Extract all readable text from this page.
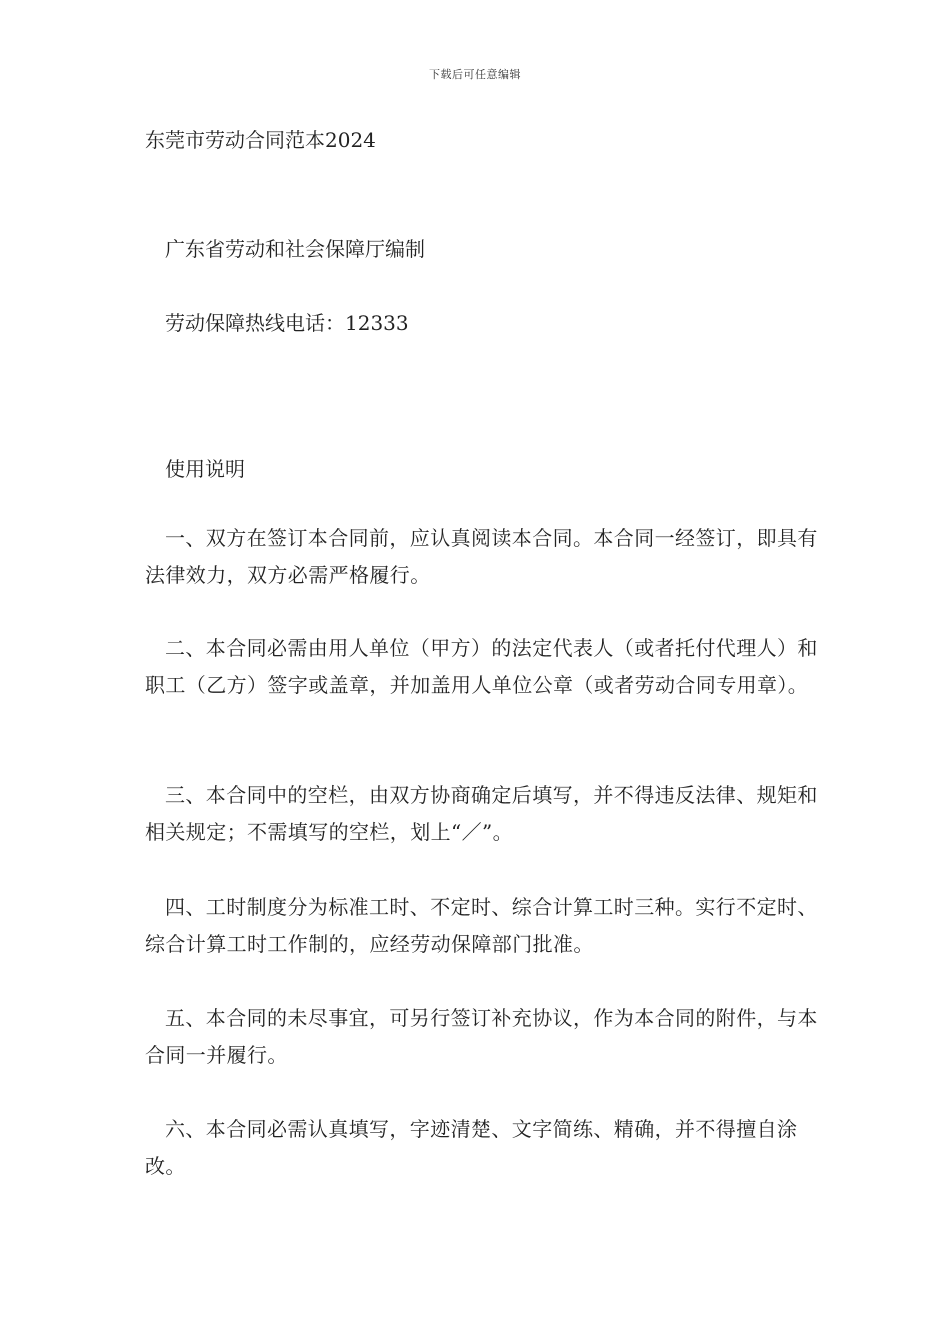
下载后可任意编辑
东莞市劳动合同范本2024
广东省劳动和社会保障厅编制
劳动保障热线电话：12333
使用说明
一、双方在签订本合同前，应认真阅读本合同。本合同一经签订，即具有法律效力，双方必需严格履行。
二、本合同必需由用人单位（甲方）的法定代表人（或者托付代理人）和职工（乙方）签字或盖章，并加盖用人单位公章（或者劳动合同专用章）。
三、本合同中的空栏，由双方协商确定后填写，并不得违反法律、规矩和相关规定；不需填写的空栏，划上“／”。
四、工时制度分为标准工时、不定时、综合计算工时三种。实行不定时、综合计算工时工作制的，应经劳动保障部门批准。
五、本合同的未尽事宜，可另行签订补充协议，作为本合同的附件，与本合同一并履行。
六、本合同必需认真填写，字迹清楚、文字简练、精确，并不得擅自涂改。
